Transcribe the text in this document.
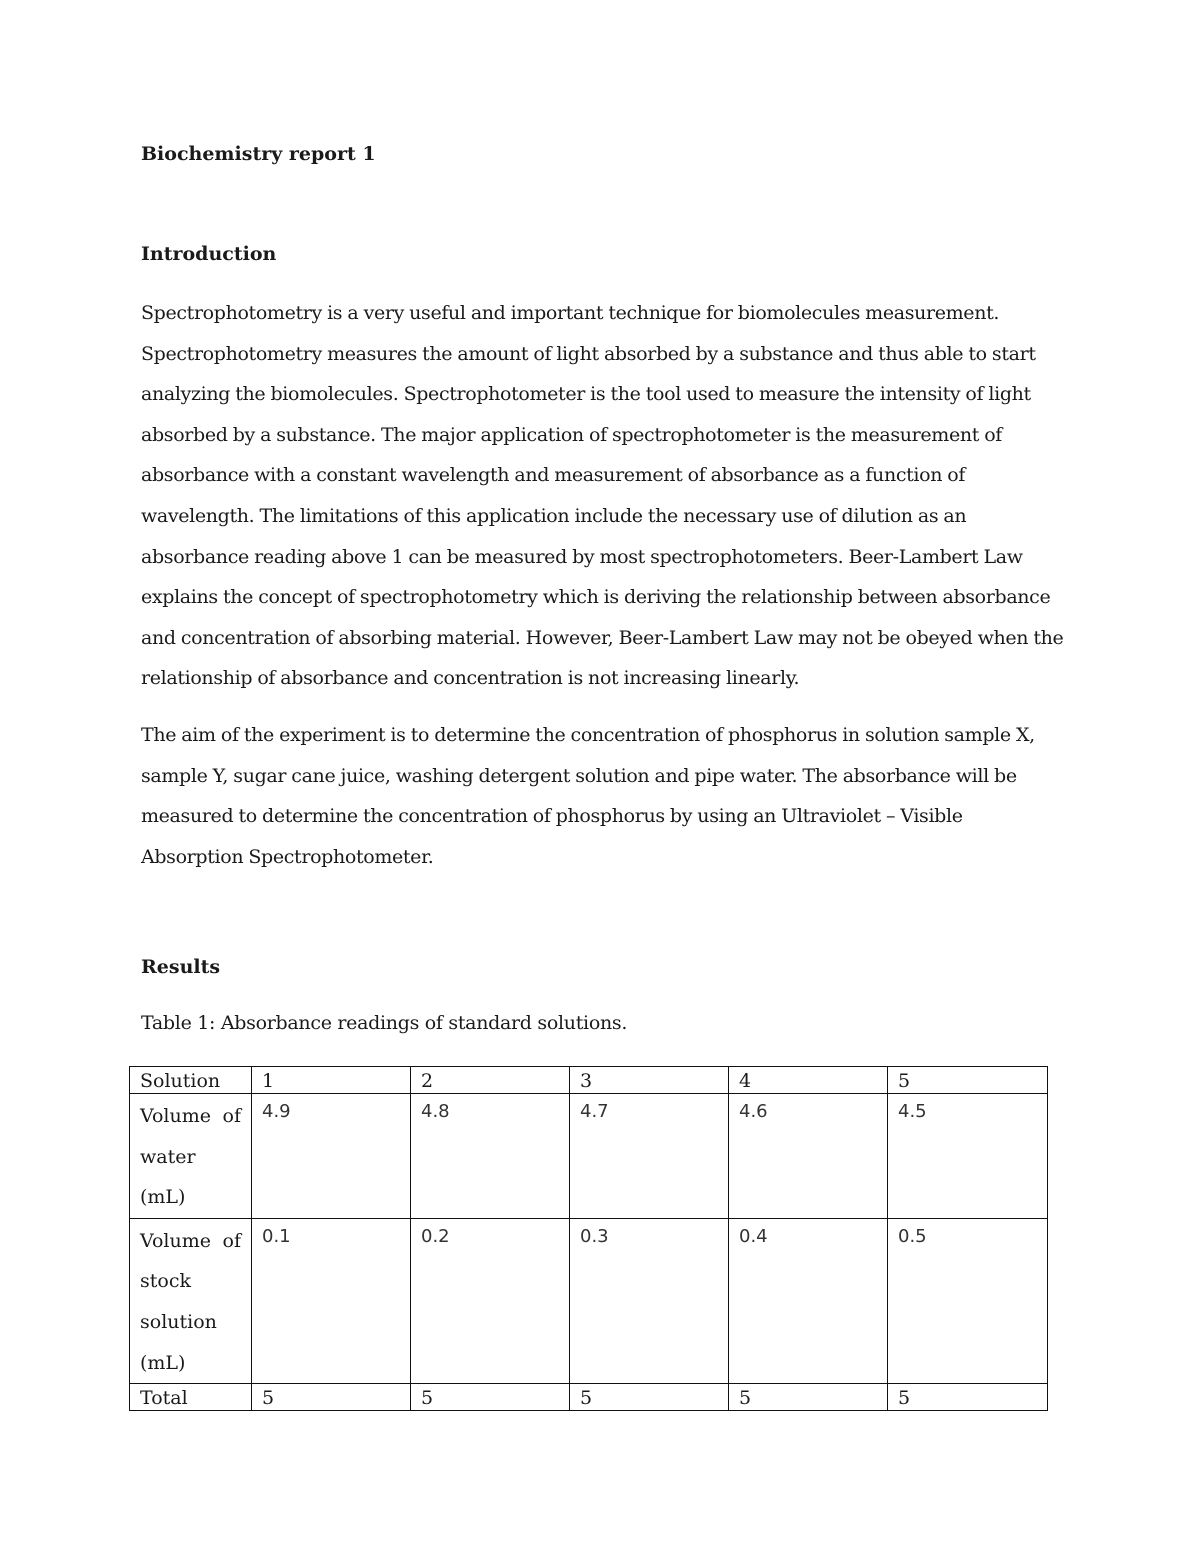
Biochemistry report 1
Introduction

Spectrophotometry is a very useful and important technique for biomolecules measurement. Spectrophotometry measures the amount of light absorbed by a substance and thus able to start analyzing the biomolecules. Spectrophotometer is the tool used to measure the intensity of light absorbed by a substance. The major application of spectrophotometer is the measurement of absorbance with a constant wavelength and measurement of absorbance as a function of wavelength. The limitations of this application include the necessary use of dilution as an absorbance reading above 1 can be measured by most spectrophotometers. Beer-Lambert Law explains the concept of spectrophotometry which is deriving the relationship between absorbance and concentration of absorbing material. However, Beer-Lambert Law may not be obeyed when the relationship of absorbance and concentration is not increasing linearly.

The aim of the experiment is to determine the concentration of phosphorus in solution sample X, sample Y, sugar cane juice, washing detergent solution and pipe water. The absorbance will be measured to determine the concentration of phosphorus by using an Ultraviolet – Visible Absorption Spectrophotometer.

Results

Table 1: Absorbance readings of standard solutions.

Solution	1	2	3	4	5
Volume of water (mL)	4.9	4.8	4.7	4.6	4.5
Volume of stock solution (mL)	0.1	0.2	0.3	0.4	0.5
Total	5	5	5	5	5
